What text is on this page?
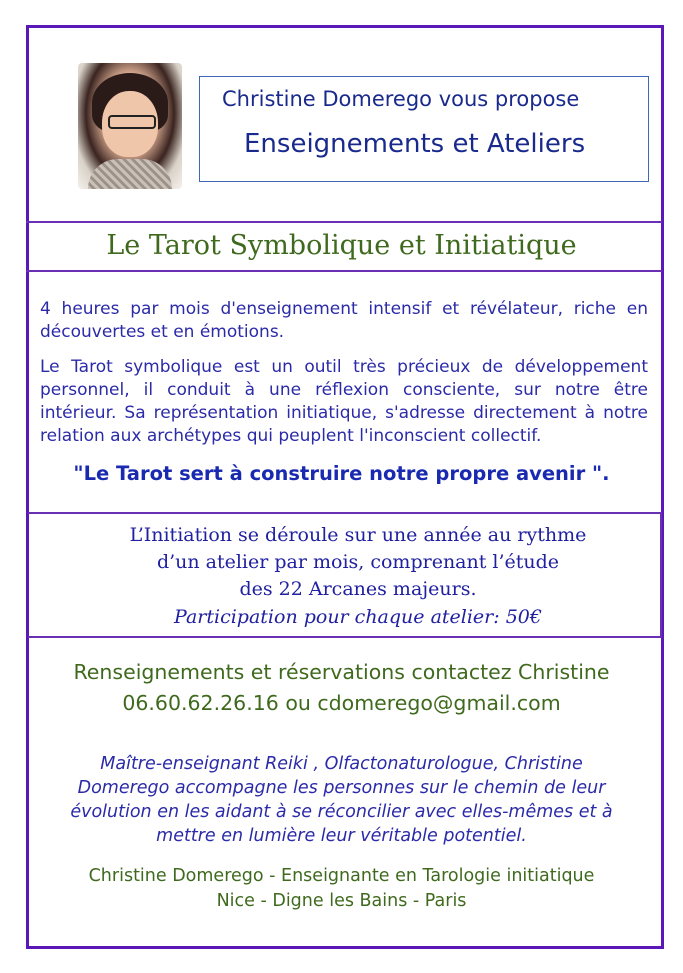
Christine Domerego vous propose
Enseignements et Ateliers
Le Tarot Symbolique et Initiatique
4 heures par mois d'enseignement intensif et révélateur, riche en découvertes et en émotions.
Le Tarot symbolique est un outil très précieux de développement personnel, il conduit à une réflexion consciente, sur notre être intérieur. Sa représentation initiatique, s'adresse directement à notre relation aux archétypes qui peuplent l'inconscient collectif.
"Le Tarot sert à construire notre propre avenir ".
L’Initiation se déroule sur une année au rythme
d’un atelier par mois, comprenant l’étude
des 22 Arcanes majeurs.
Participation pour chaque atelier: 50€
Renseignements et réservations contactez Christine
06.60.62.26.16 ou cdomerego@gmail.com
Maître-enseignant Reiki , Olfactonaturologue, Christine Domerego accompagne les personnes sur le chemin de leur évolution en les aidant à se réconcilier avec elles-mêmes et à mettre en lumière leur véritable potentiel.
Christine Domerego - Enseignante en Tarologie initiatique
Nice - Digne les Bains - Paris
